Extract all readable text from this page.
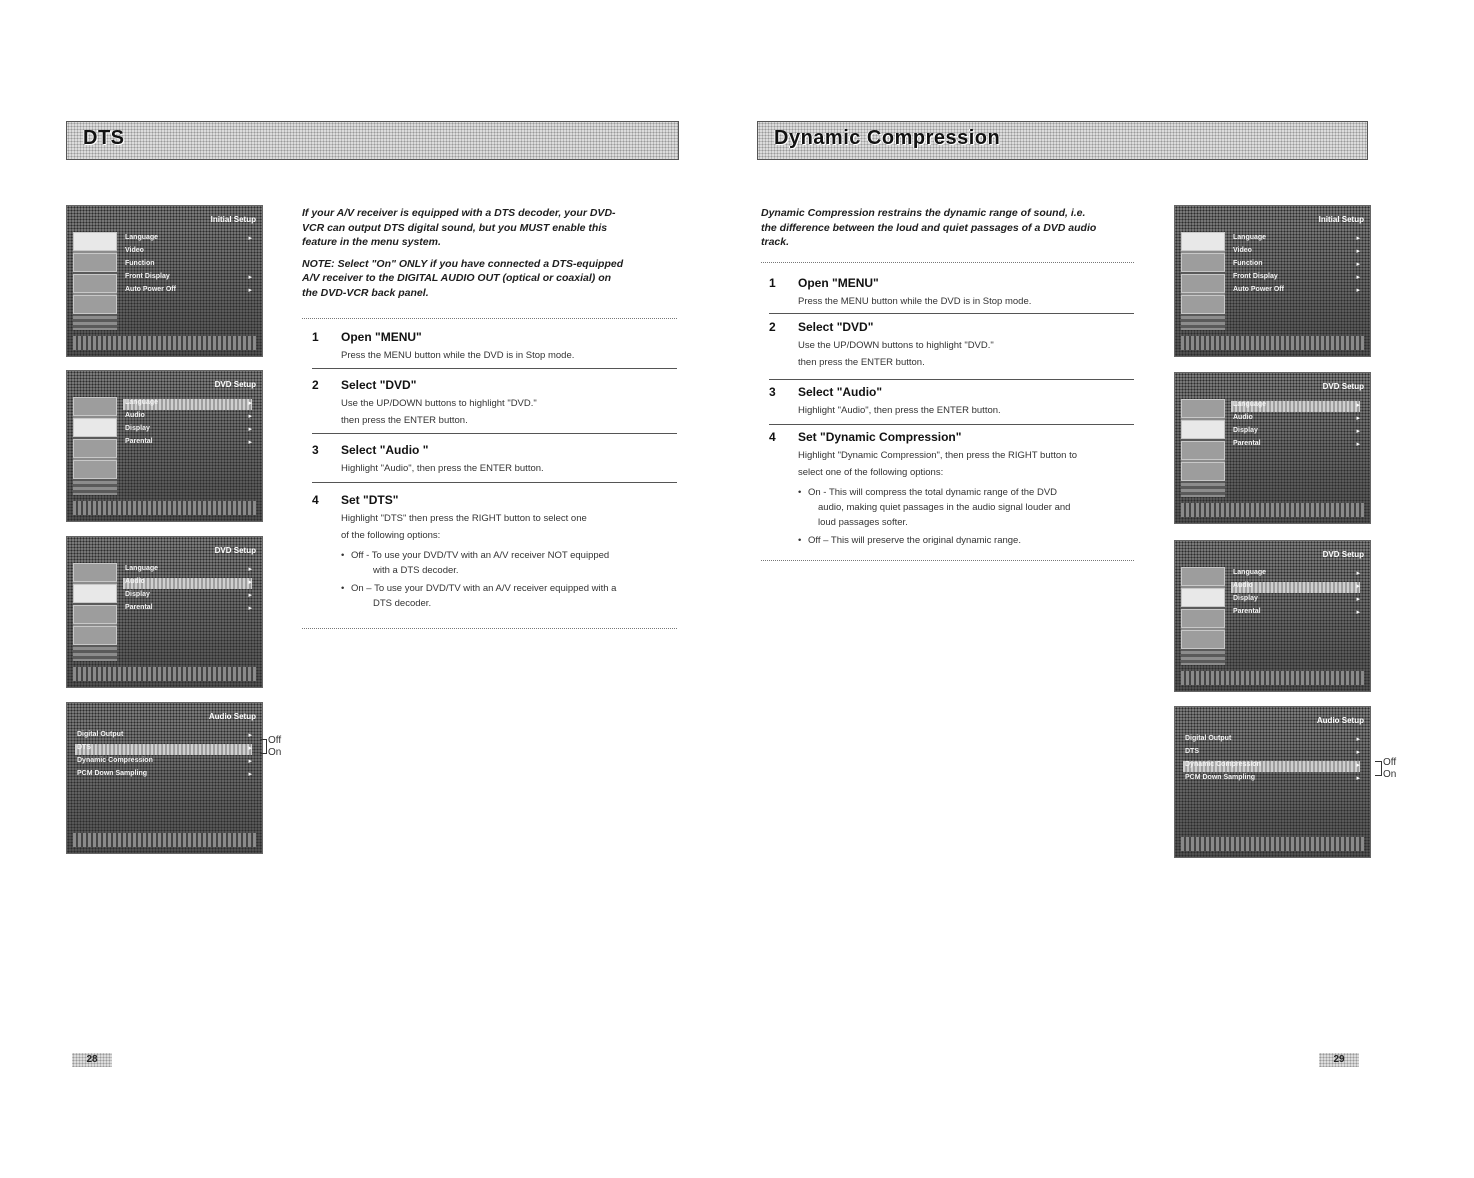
DTS
Initial Setup
Language	▸
Video
Function
Front Display	▸
Auto Power Off	▸
DVD Setup
Language	▸
Audio	▸
Display	▸
Parental	▸
DVD Setup
Language	▸
Audio	▸
Display	▸
Parental	▸
Audio Setup
Digital Output	▸
DTS	▸
Dynamic Compression	▸
PCM Down Sampling	▸
Off
On

If your A/V receiver is equipped with a DTS decoder, your DVD-
VCR can output DTS digital sound, but you MUST enable this
feature in the menu system.

NOTE: Select "On" ONLY if you have connected a DTS-equipped
A/V receiver to the DIGITAL AUDIO OUT (optical or coaxial) on
the DVD-VCR back panel.

1 Open "MENU"
Press the MENU button while the DVD is in Stop mode.
2 Select "DVD"
Use the UP/DOWN buttons to highlight "DVD."
then press the ENTER button.
3 Select "Audio "
Highlight "Audio", then press the ENTER button.
4 Set "DTS"
Highlight "DTS" then press the RIGHT button to select one
of the following options:
• Off - To use your DVD/TV with an A/V receiver NOT equipped
with a DTS decoder.
• On – To use your DVD/TV with an A/V receiver equipped with a
DTS decoder.
28
Dynamic Compression

Dynamic Compression restrains the dynamic range of sound, i.e.
the difference between the loud and quiet passages of a DVD audio
track.

1 Open "MENU"
Press the MENU button while the DVD is in Stop mode.
2 Select "DVD"
Use the UP/DOWN buttons to highlight "DVD."
then press the ENTER button.
3 Select "Audio"
Highlight "Audio", then press the ENTER button.
4 Set "Dynamic Compression"
Highlight "Dynamic Compression", then press the RIGHT button to
select one of the following options:
• On - This will compress the total dynamic range of the DVD
audio, making quiet passages in the audio signal louder and
loud passages softer.
• Off – This will preserve the original dynamic range.
Initial Setup
Language	▸
Video	▸
Function	▸
Front Display	▸
Auto Power Off	▸
DVD Setup
Language	▸
Audio	▸
Display	▸
Parental	▸
DVD Setup
Language	▸
Audio	▸
Display	▸
Parental	▸
Audio Setup
Digital Output	▸
DTS	▸
Dynamic Compression	▸
PCM Down Sampling	▸
Off
On
29
